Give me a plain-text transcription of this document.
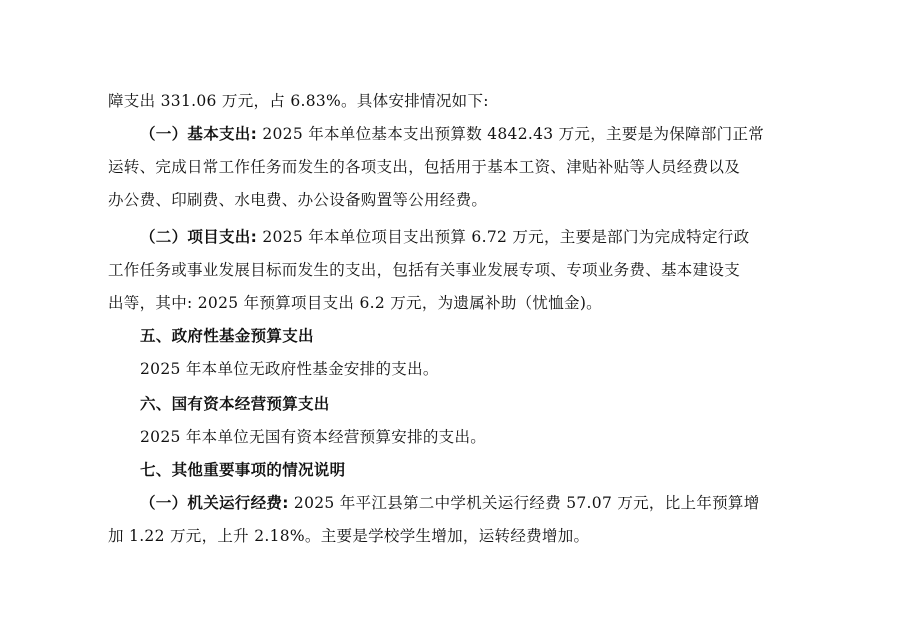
障支出 331.06 万元，占 6.83%。具体安排情况如下:
（一）基本支出: 2025 年本单位基本支出预算数 4842.43 万元，主要是为保障部门正常
运转、完成日常工作任务而发生的各项支出，包括用于基本工资、津贴补贴等人员经费以及
办公费、印刷费、水电费、办公设备购置等公用经费。
（二）项目支出: 2025 年本单位项目支出预算 6.72 万元，主要是部门为完成特定行政
工作任务或事业发展目标而发生的支出，包括有关事业发展专项、专项业务费、基本建设支
出等，其中: 2025 年预算项目支出 6.2 万元，为遗属补助（忧恤金)。
五、政府性基金预算支出
2025 年本单位无政府性基金安排的支出。
六、国有资本经营预算支出
2025 年本单位无国有资本经营预算安排的支出。
七、其他重要事项的情况说明
（一）机关运行经费: 2025 年平江县第二中学机关运行经费 57.07 万元，比上年预算增
加 1.22 万元，上升 2.18%。主要是学校学生增加，运转经费增加。
